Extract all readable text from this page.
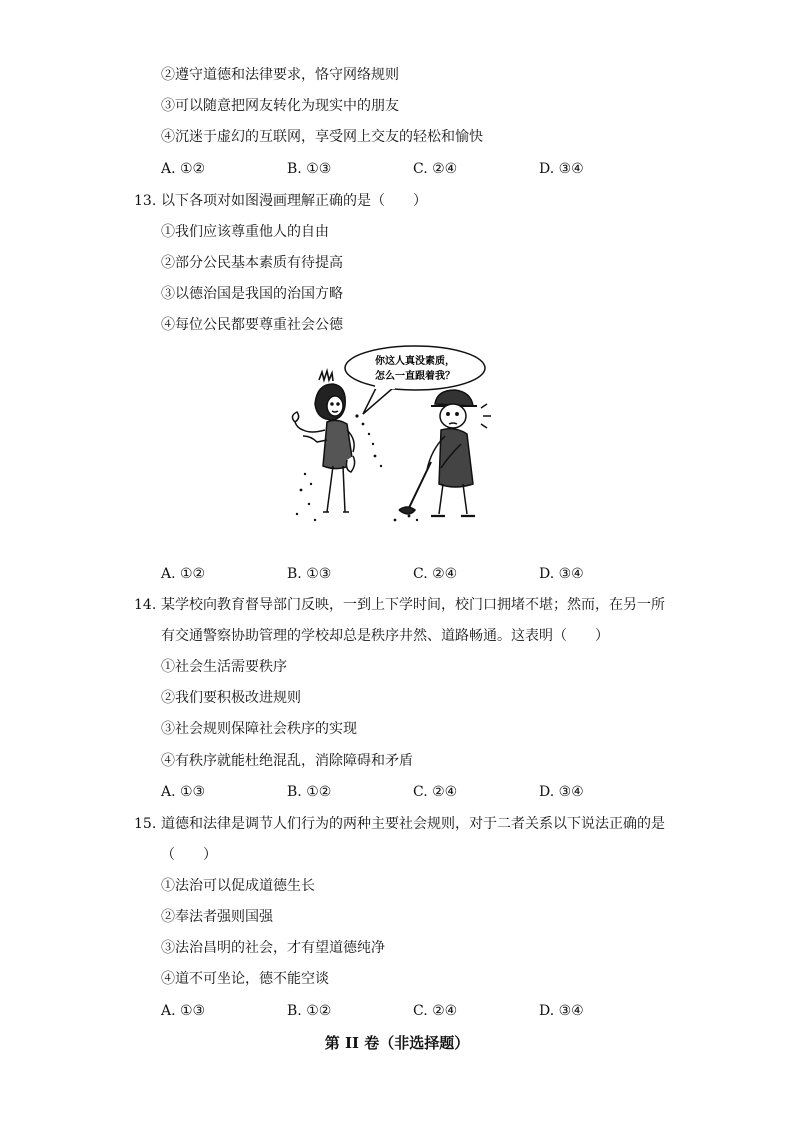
②遵守道德和法律要求，恪守网络规则
③可以随意把网友转化为现实中的朋友
④沉迷于虚幻的互联网，享受网上交友的轻松和愉快
A. ①②	B. ①③	C. ②④	D. ③④
13. 以下各项对如图漫画理解正确的是（　　）
①我们应该尊重他人的自由
②部分公民基本素质有待提高
③以德治国是我国的治国方略
④每位公民都要尊重社会公德
你这人真没素质，
怎么一直跟着我？
A. ①②	B. ①③	C. ②④	D. ③④
14. 某学校向教育督导部门反映，一到上下学时间，校门口拥堵不堪；然而，在另一所
有交通警察协助管理的学校却总是秩序井然、道路畅通。这表明（　　）
①社会生活需要秩序
②我们要积极改进规则
③社会规则保障社会秩序的实现
④有秩序就能杜绝混乱，消除障碍和矛盾
A. ①③	B. ①②	C. ②④	D. ③④
15. 道德和法律是调节人们行为的两种主要社会规则，对于二者关系以下说法正确的是
（　　）
①法治可以促成道德生长
②奉法者强则国强
③法治昌明的社会，才有望道德纯净
④道不可坐论，德不能空谈
A. ①③	B. ①②	C. ②④	D. ③④
第 II 卷（非选择题）
